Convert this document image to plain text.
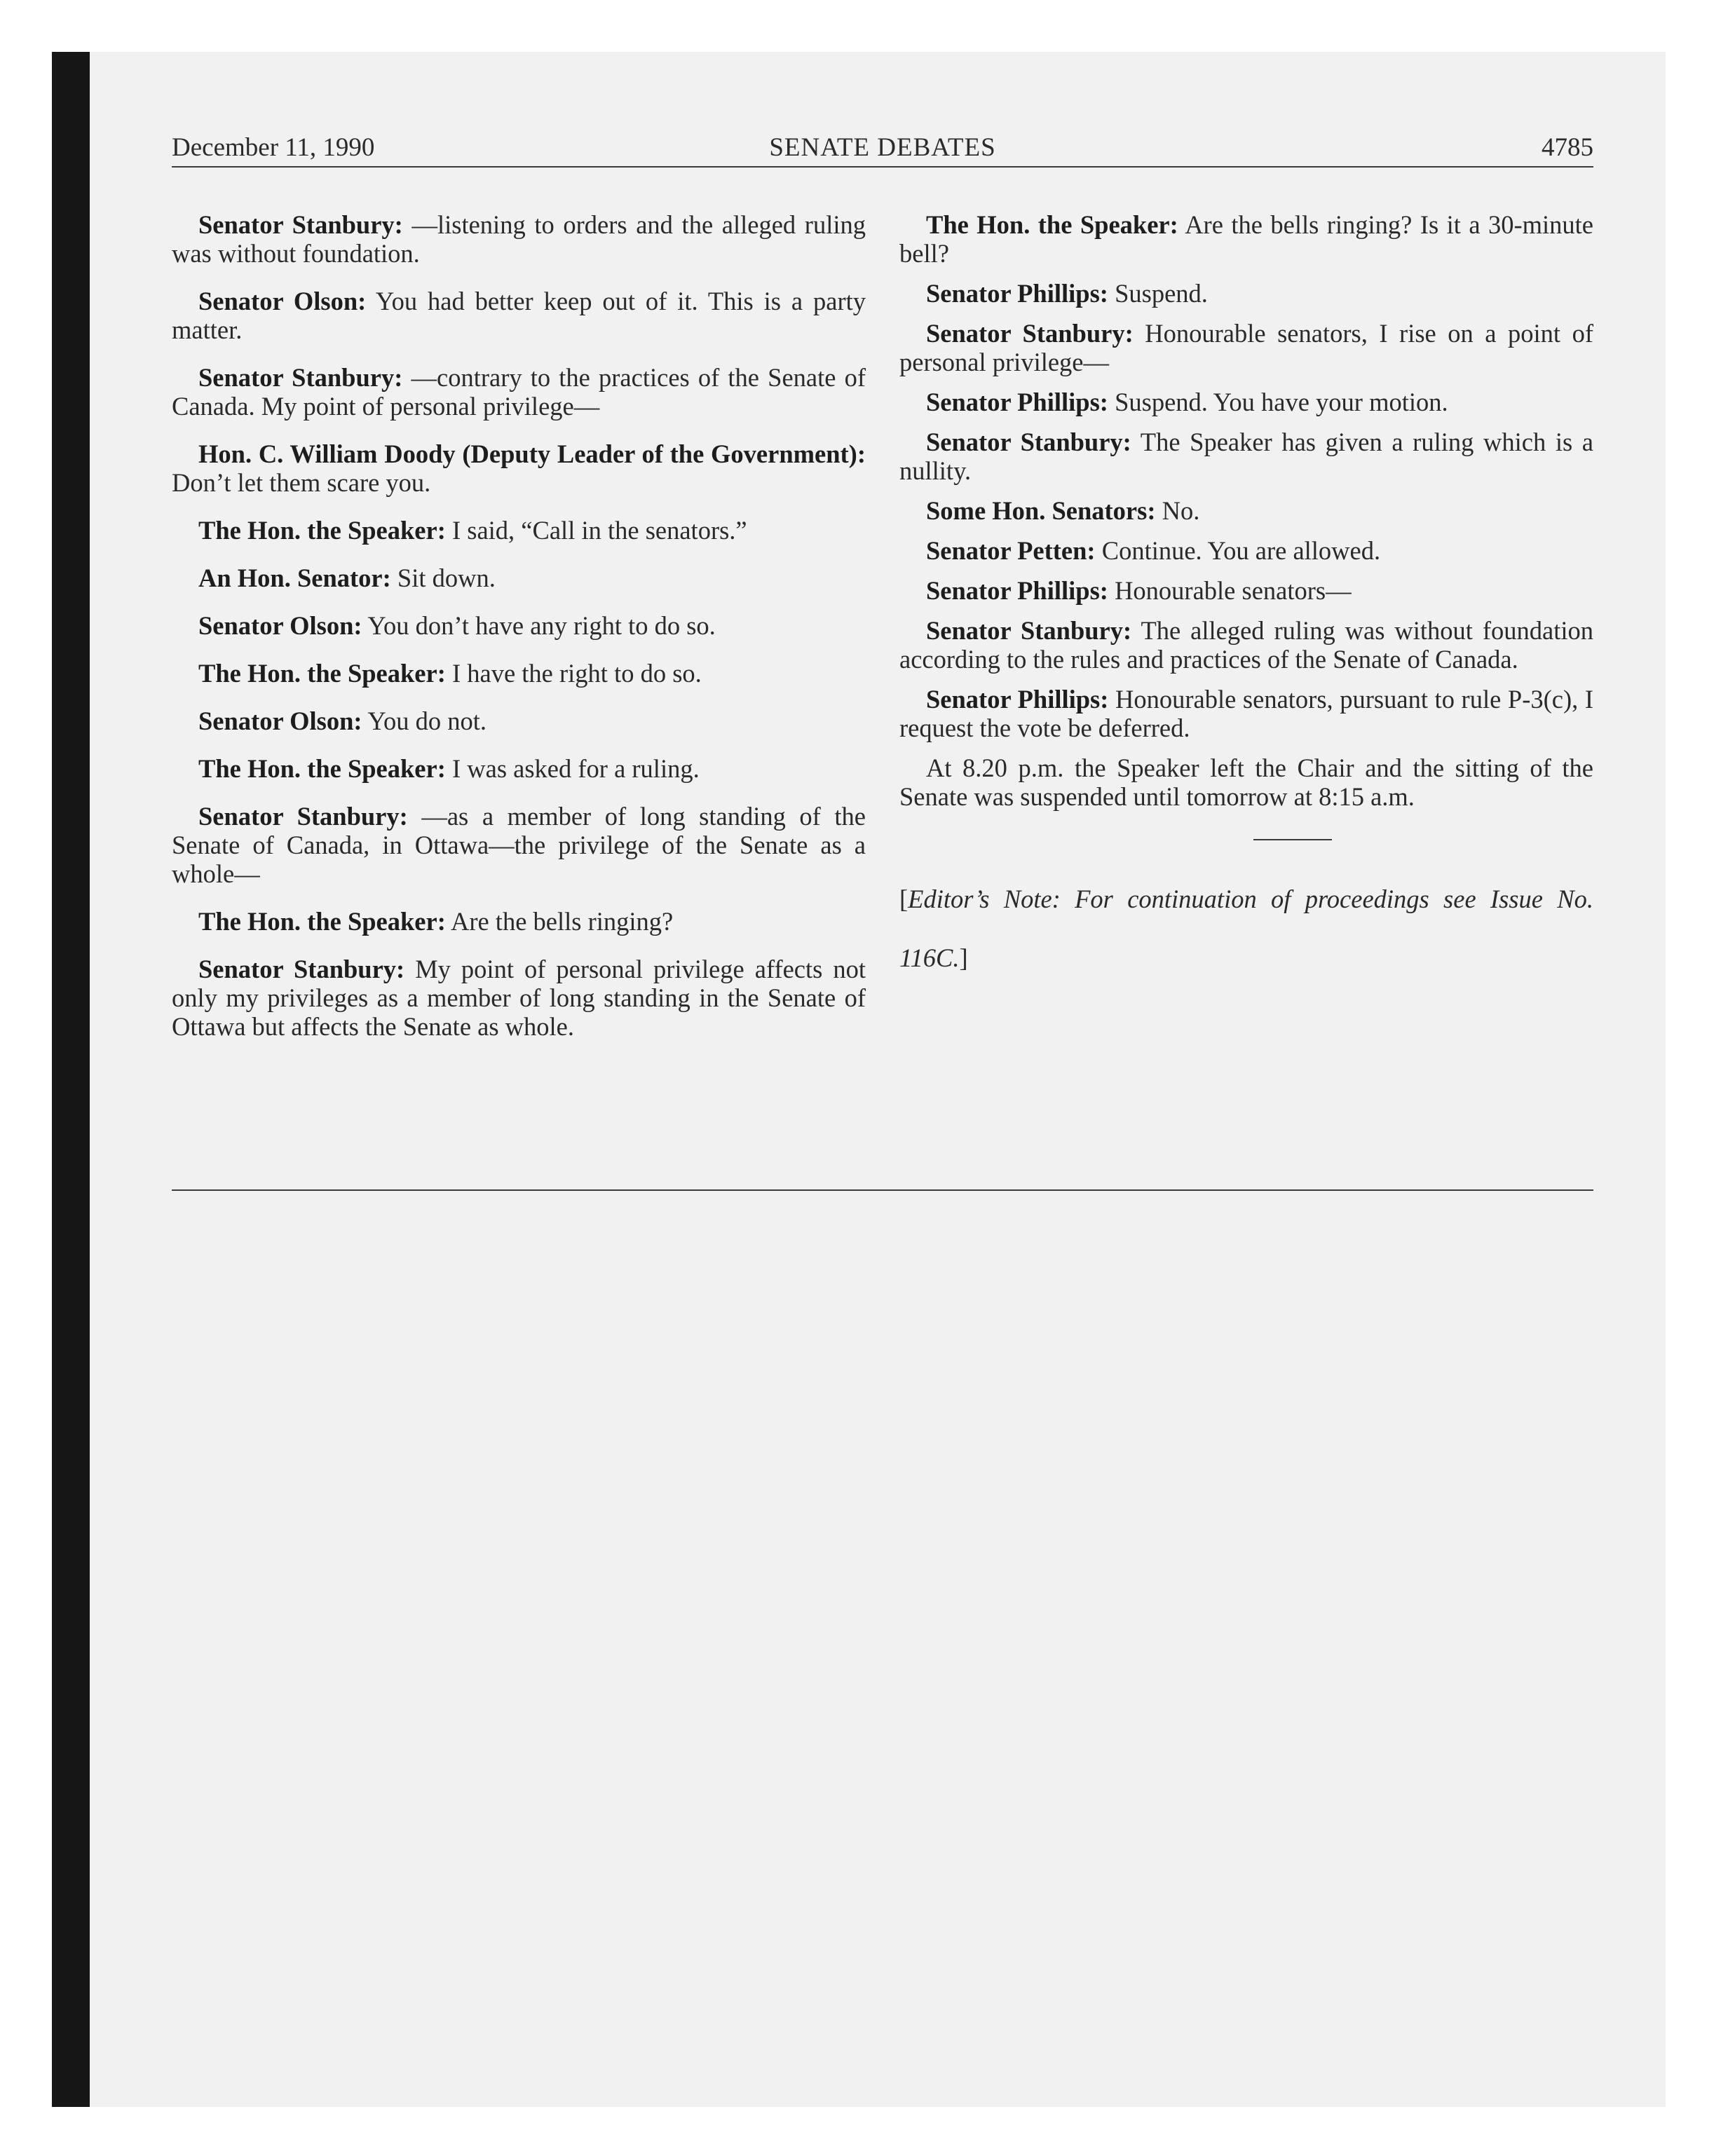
December 11, 1990	SENATE DEBATES	4785

Senator Stanbury: —listening to orders and the alleged ruling was without foundation.

Senator Olson: You had better keep out of it. This is a party matter.

Senator Stanbury: —contrary to the practices of the Senate of Canada. My point of personal privilege—

Hon. C. William Doody (Deputy Leader of the Government): Don’t let them scare you.

The Hon. the Speaker: I said, “Call in the senators.”

An Hon. Senator: Sit down.

Senator Olson: You don’t have any right to do so.

The Hon. the Speaker: I have the right to do so.

Senator Olson: You do not.

The Hon. the Speaker: I was asked for a ruling.

Senator Stanbury: —as a member of long standing of the Senate of Canada, in Ottawa—the privilege of the Senate as a whole—

The Hon. the Speaker: Are the bells ringing?

Senator Stanbury: My point of personal privilege affects not only my privileges as a member of long standing in the Senate of Ottawa but affects the Senate as whole.

The Hon. the Speaker: Are the bells ringing? Is it a 30-minute bell?

Senator Phillips: Suspend.

Senator Stanbury: Honourable senators, I rise on a point of personal privilege—

Senator Phillips: Suspend. You have your motion.

Senator Stanbury: The Speaker has given a ruling which is a nullity.

Some Hon. Senators: No.

Senator Petten: Continue. You are allowed.

Senator Phillips: Honourable senators—

Senator Stanbury: The alleged ruling was without foundation according to the rules and practices of the Senate of Canada.

Senator Phillips: Honourable senators, pursuant to rule P-3(c), I request the vote be deferred.

At 8.20 p.m. the Speaker left the Chair and the sitting of the Senate was suspended until tomorrow at 8:15 a.m.

[Editor’s Note: For continuation of proceedings see Issue No. 116C.]
